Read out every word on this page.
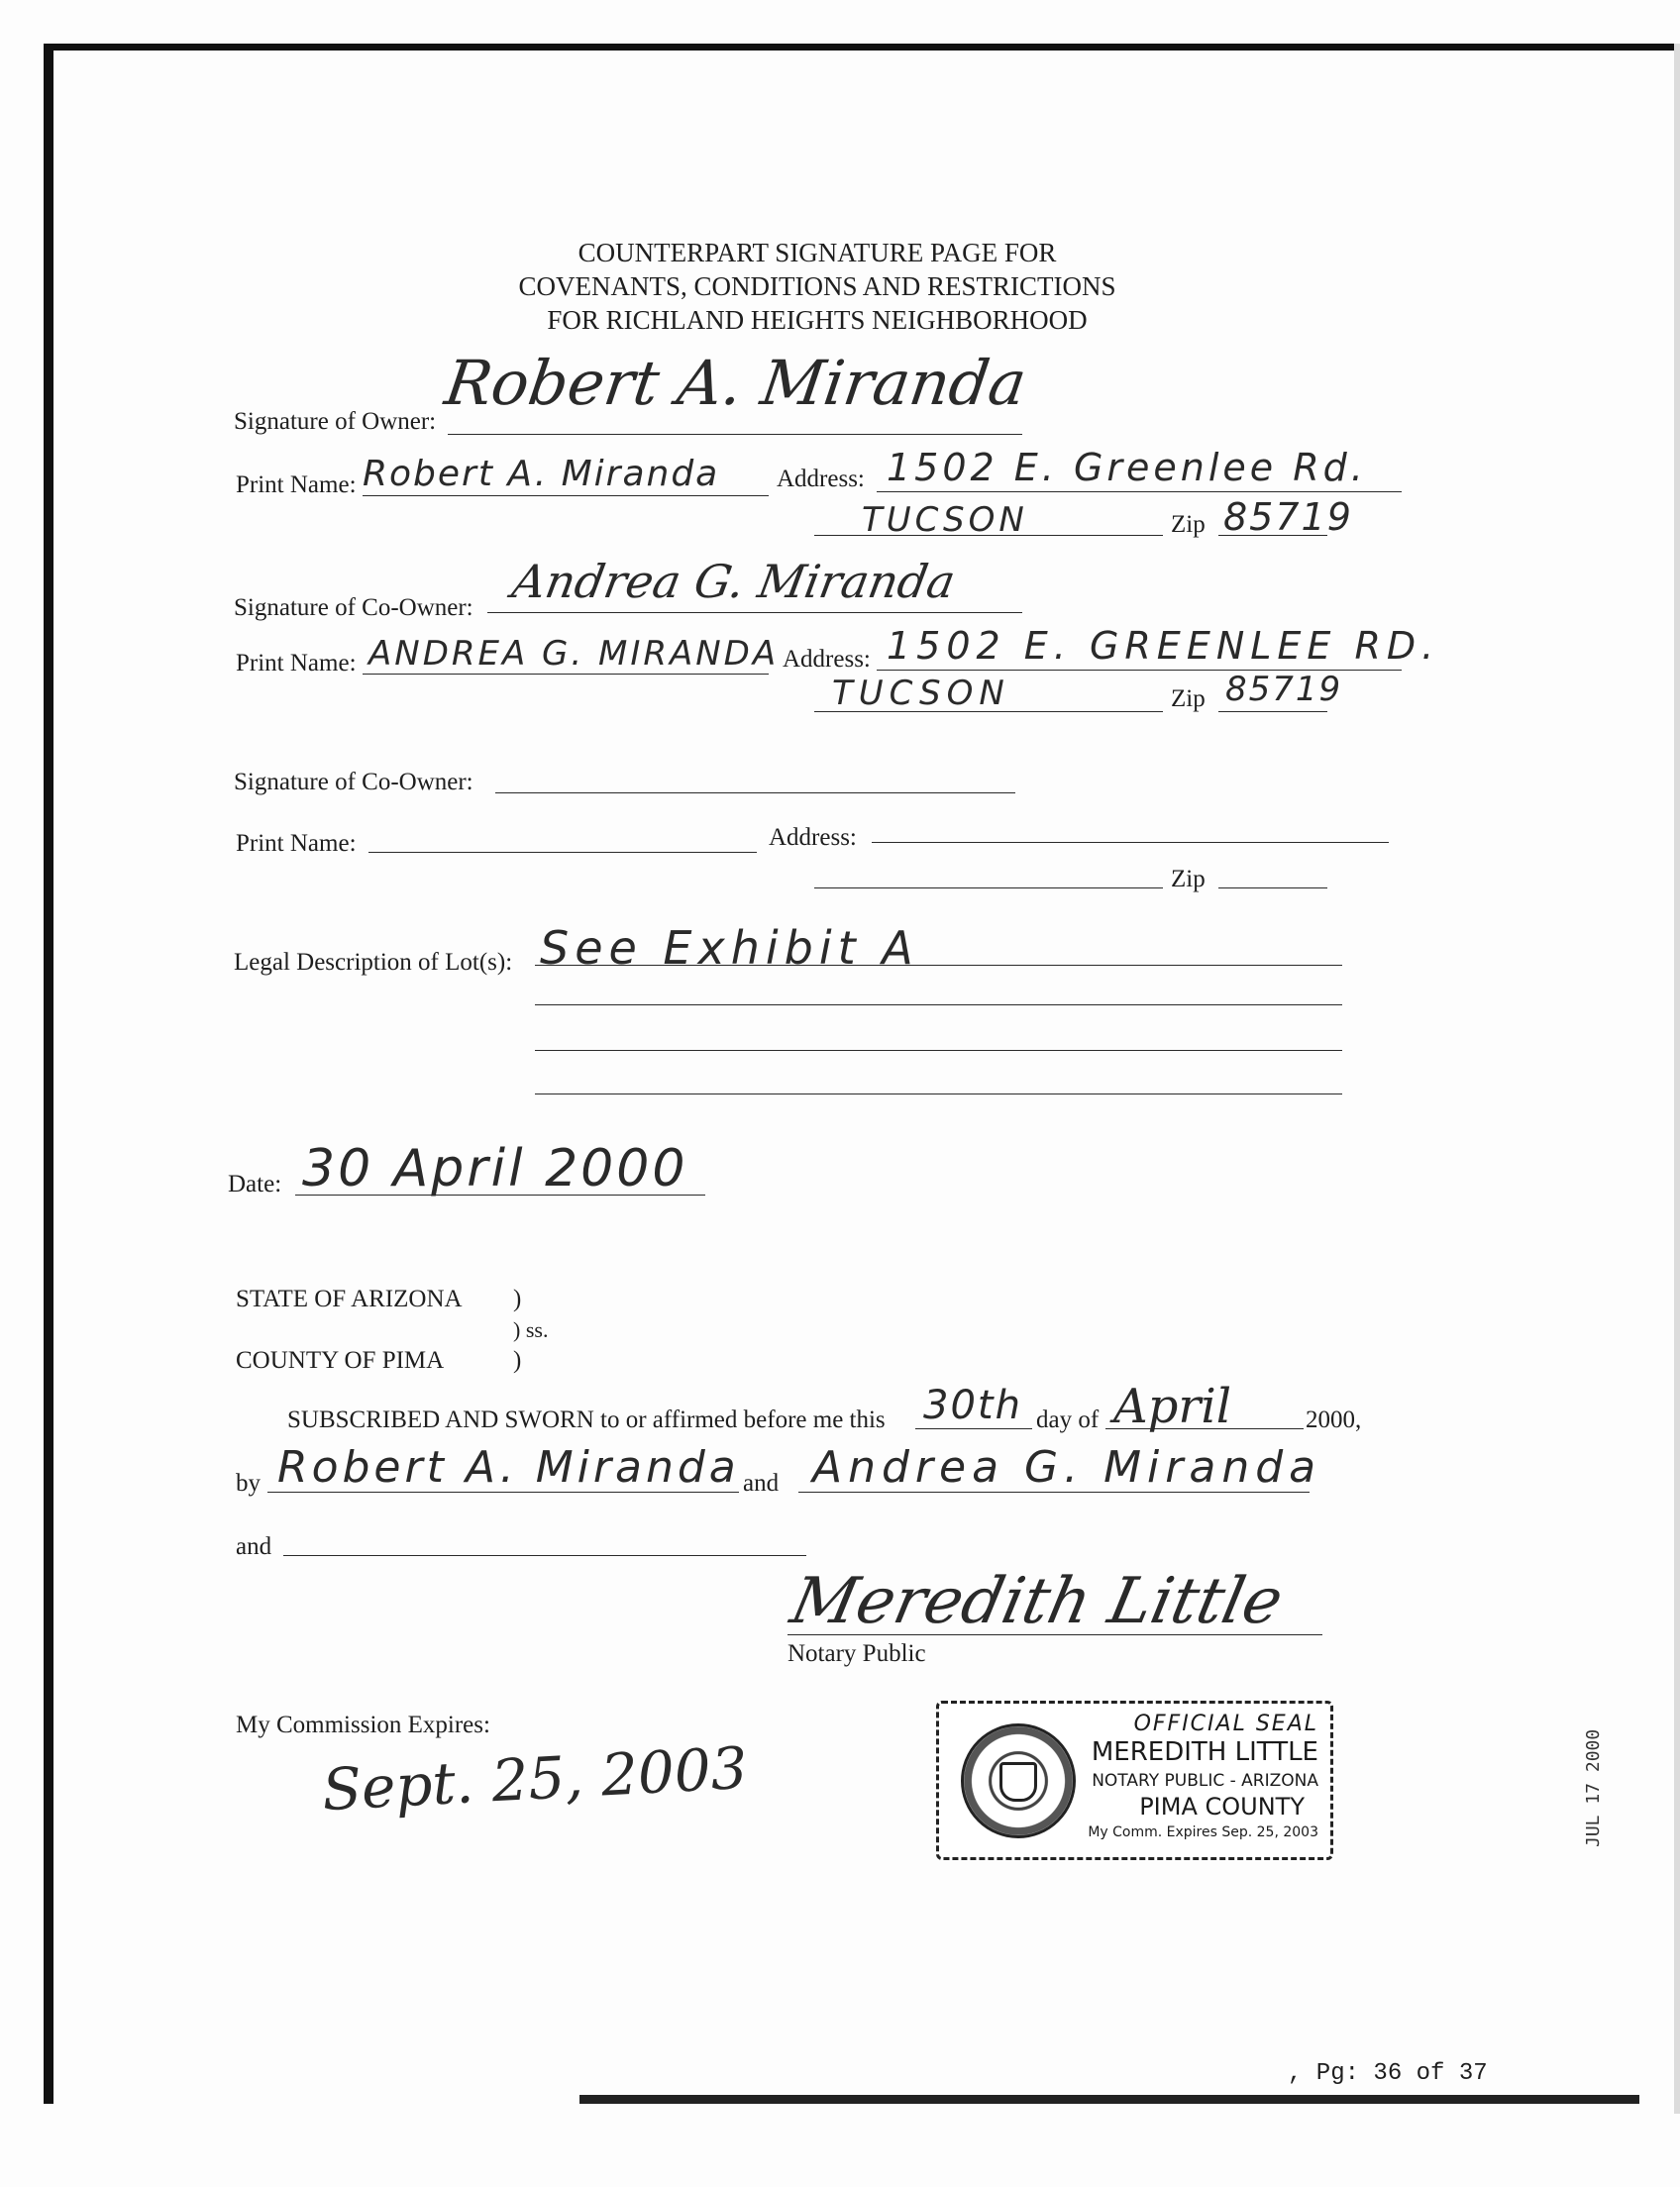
COUNTERPART SIGNATURE PAGE FOR
COVENANTS, CONDITIONS AND RESTRICTIONS
FOR RICHLAND HEIGHTS NEIGHBORHOOD
Signature of Owner:
Robert A. Miranda
Print Name: Robert A. Miranda Address: 1502 E. Greenlee Rd.
TUCSON	Zip 85719
Signature of Co-Owner: Andrea G. Miranda
Print Name: ANDREA G. MIRANDA Address: 1502 E. GREENLEE RD.
TUCSON	Zip 85719
Signature of Co-Owner:
Print Name:	Address:
Zip
Legal Description of Lot(s): See Exhibit A
Date: 30 April 2000
STATE OF ARIZONA )
) ss.
COUNTY OF PIMA	)
SUBSCRIBED AND SWORN to or affirmed before me this 30th day of April	2000,
by Robert A. Miranda and Andrea G. Miranda
and
Meredith Little
Notary Public
My Commission Expires:
Sept. 25, 2003
OFFICIAL SEAL
MEREDITH LITTLE
NOTARY PUBLIC - ARIZONA
PIMA COUNTY
My Comm. Expires Sep. 25, 2003	JUL 17 2000
, Pg: 36 of 37
